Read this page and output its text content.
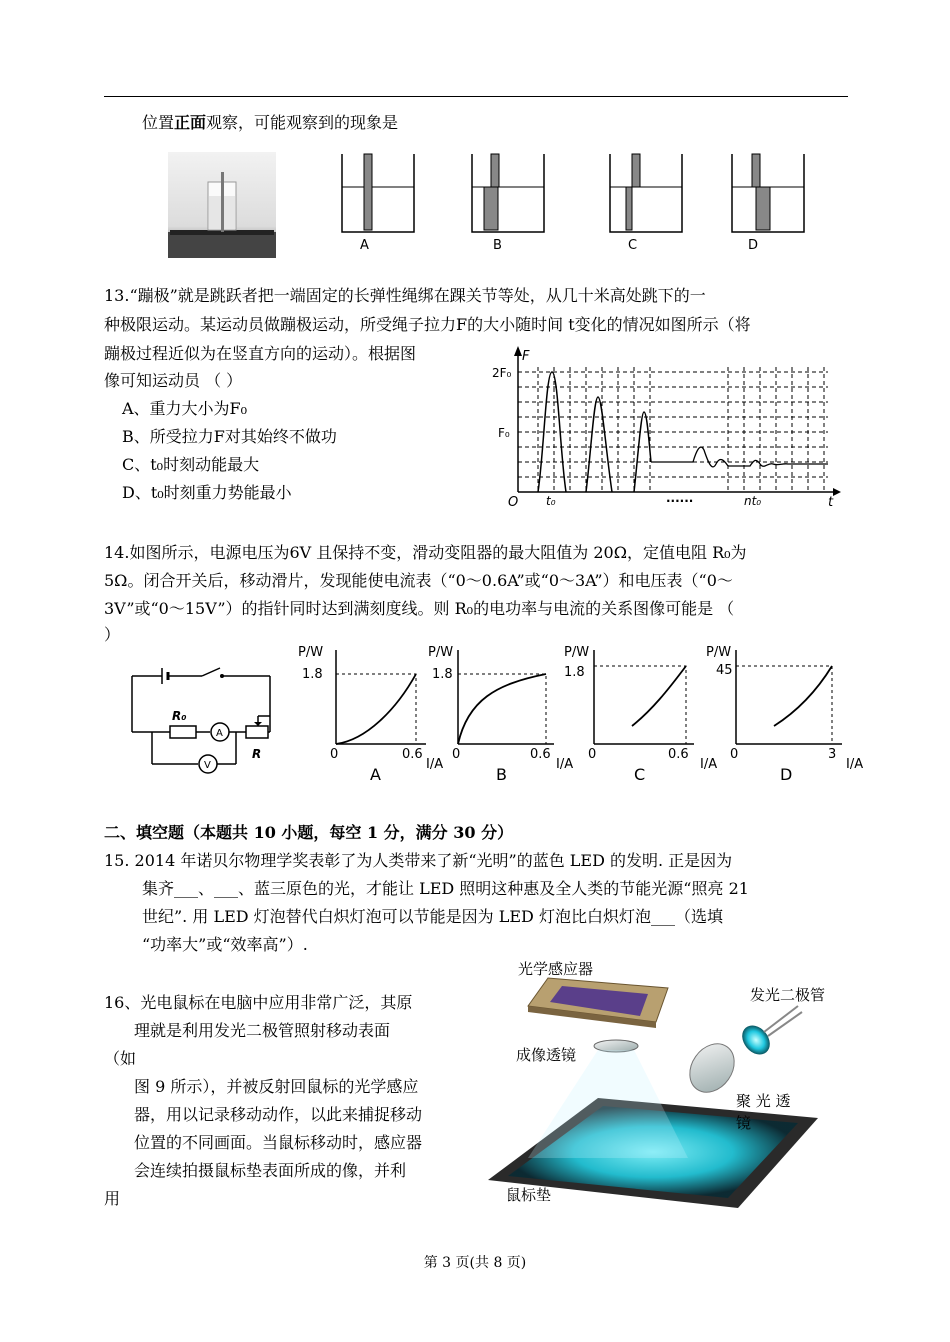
位置正面观察，可能观察到的现象是
A	B	C	D
13.“蹦极”就是跳跃者把一端固定的长弹性绳绑在踝关节等处，从几十米高处跳下的一
种极限运动。某运动员做蹦极运动，所受绳子拉力F的大小随时间 t变化的情况如图所示（将
蹦极过程近似为在竖直方向的运动）。根据图
像可知运动员 （ ）
A、重力大小为F₀
B、所受拉力F对其始终不做功
C、t₀时刻动能最大
D、t₀时刻重力势能最小
F
2F₀
F₀
O t₀	......	nt₀	t
14.如图所示，电源电压为6V 且保持不变，滑动变阻器的最大阻值为 20Ω，定值电阻 R₀为
5Ω。闭合开关后，移动滑片，发现能使电流表（“0～0.6A”或“0～3A”）和电压表（“0～
3V”或“0～15V”）的指针同时达到满刻度线。则 R₀的电功率与电流的关系图像可能是 （
）
R₀
A
V
R
P/W
1.8
0	0.6
I/A
A
P/W
1.8
0	0.6
I/A
B
P/W
1.8
0	0.6
I/A
C
P/W
45
0	3
I/A
D
二、填空题（本题共 10 小题，每空 1 分，满分 30 分）
15. 2014 年诺贝尔物理学奖表彰了为人类带来了新“光明”的蓝色 LED 的发明. 正是因为
集齐___、___、蓝三原色的光，才能让 LED 照明这种惠及全人类的节能光源“照亮 21
世纪”. 用 LED 灯泡替代白炽灯泡可以节能是因为 LED 灯泡比白炽灯泡___（选填
“功率大”或“效率高”）.
16、光电鼠标在电脑中应用非常广泛，其原
理就是利用发光二极管照射移动表面
（如
图 9 所示），并被反射回鼠标的光学感应
器，用以记录移动动作，以此来捕捉移动
位置的不同画面。当鼠标移动时，感应器
会连续拍摄鼠标垫表面所成的像，并利
用
光学感应器
发光二极管
成像透镜
聚 光 透
镜
鼠标垫
第 3 页(共 8 页)
